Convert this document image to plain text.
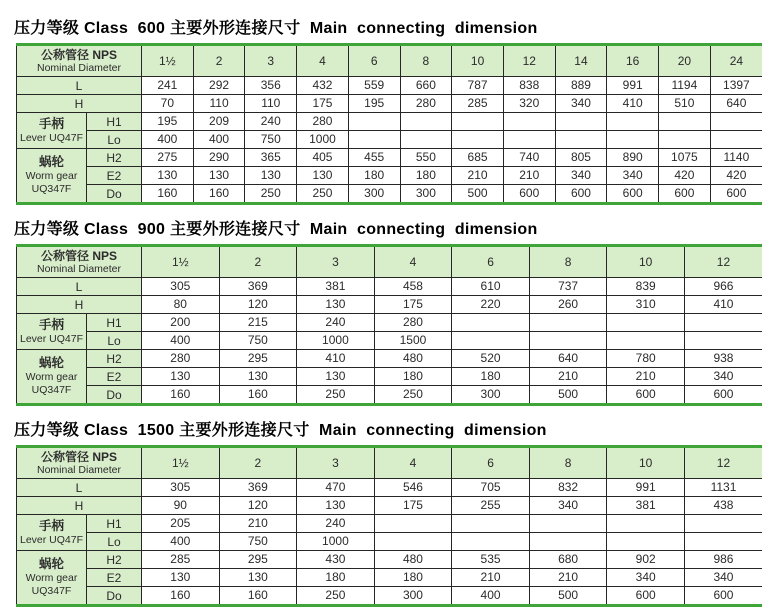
压力等级 Class  600 主要外形连接尺寸  Main  connecting  dimension
公称管径 NPS
Nominal Diameter		1½	2	3	4	6	8	10	12	14	16	20	24
L		241	292	356	432	559	660	787	838	889	991	1194	1397
H		70	110	110	175	195	280	285	320	340	410	510	640

手柄
Lever UQ47F	H1	195	209	240	280								
	Lo	400	400	750	1000								

蜗轮
Worm gear
UQ347F	H2	275	290	365	405	455	550	685	740	805	890	1075	1140
	E2	130	130	130	130	180	180	210	210	340	340	420	420
	Do	160	160	250	250	300	300	500	600	600	600	600	600
压力等级 Class  900 主要外形连接尺寸  Main  connecting  dimension
公称管径 NPS
Nominal Diameter		1½	2	3	4	6	8	10	12
L		305	369	381	458	610	737	839	966
H		80	120	130	175	220	260	310	410

手柄
Lever UQ47F	H1	200	215	240	280				
	Lo	400	750	1000	1500				

蜗轮
Worm gear
UQ347F	H2	280	295	410	480	520	640	780	938
	E2	130	130	130	180	180	210	210	340
	Do	160	160	250	250	300	500	600	600
压力等级 Class  1500 主要外形连接尺寸  Main  connecting  dimension
公称管径 NPS
Nominal Diameter		1½	2	3	4	6	8	10	12
L		305	369	470	546	705	832	991	1131
H		90	120	130	175	255	340	381	438

手柄
Lever UQ47F	H1	205	210	240					
	Lo	400	750	1000					

蜗轮
Worm gear
UQ347F	H2	285	295	430	480	535	680	902	986
	E2	130	130	180	180	210	210	340	340
	Do	160	160	250	300	400	500	600	600
